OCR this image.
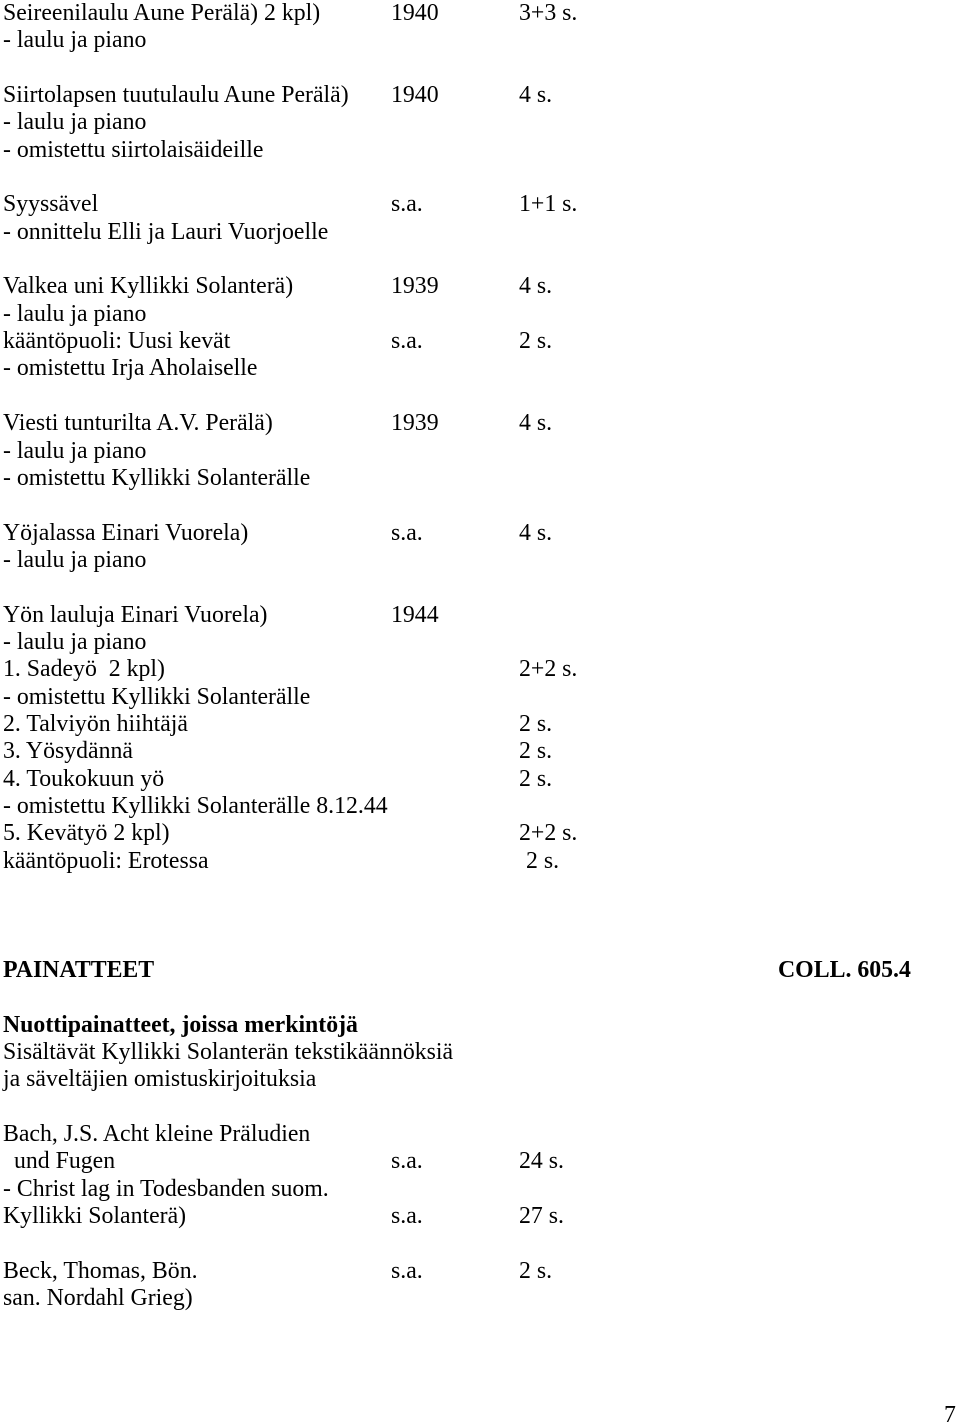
Seireenilaulu Aune Perälä) 2 kpl)	1940	3+3 s.
- laulu ja piano
Siirtolapsen tuutulaulu Aune Perälä) 1940	4 s.
- laulu ja piano
- omistettu siirtolaisäideille
Syyssävel	s.a.	1+1 s.
- onnittelu Elli ja Lauri Vuorjoelle
Valkea uni Kyllikki Solanterä)	1939	4 s.
- laulu ja piano
kääntöpuoli: Uusi kevät	s.a.	2 s.
- omistettu Irja Aholaiselle
Viesti tunturilta A.V. Perälä)	1939	4 s.
- laulu ja piano
- omistettu Kyllikki Solanterälle
Yöjalassa Einari Vuorela)	s.a.	4 s.
- laulu ja piano
Yön lauluja Einari Vuorela)	1944
- laulu ja piano
1. Sadeyö  2 kpl)	2+2 s.
- omistettu Kyllikki Solanterälle
2. Talviyön hiihtäjä	2 s.
3. Yösydännä	2 s.
4. Toukokuun yö	2 s.
- omistettu Kyllikki Solanterälle 8.12.44
5. Kevätyö 2 kpl)	2+2 s.
kääntöpuoli: Erotessa	2 s.
PAINATTEET	COLL. 605.4
Nuottipainatteet, joissa merkintöjä
Sisältävät Kyllikki Solanterän tekstikäännöksiä
ja säveltäjien omistuskirjoituksia
Bach, J.S. Acht kleine Präludien
und Fugen	s.a.	24 s.
- Christ lag in Todesbanden suom.
Kyllikki Solanterä)	s.a.	27 s.
Beck, Thomas, Bön.	s.a.	2 s.
san. Nordahl Grieg)
7
